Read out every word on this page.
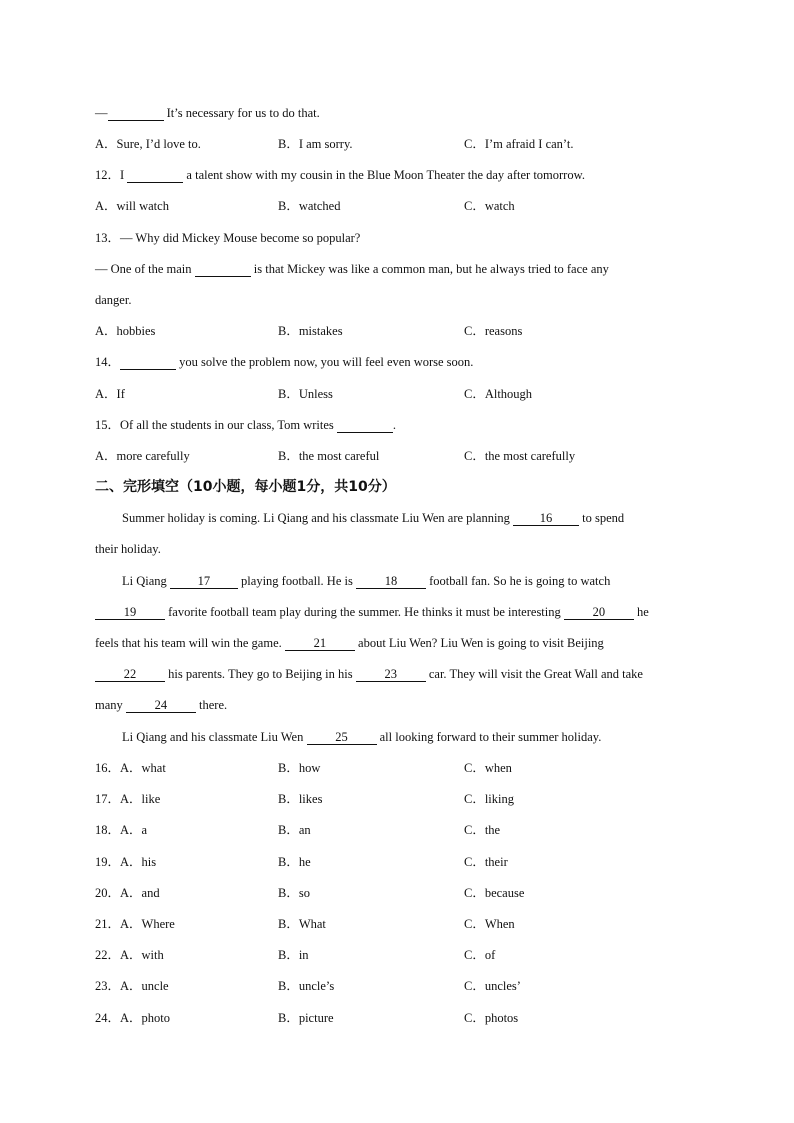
—	It’s necessary for us to do that.
A．Sure, I’d love to.	B．I am sorry.	C．I’m afraid I can’t.
12．I	a talent show with my cousin in the Blue Moon Theater the day after tomorrow.
A．will watch	B．watched	C．watch
13．— Why did Mickey Mouse become so popular?
— One of the main	is that Mickey was like a common man, but he always tried to face any
danger.
A．hobbies	B．mistakes	C．reasons
14．	you solve the problem now, you will feel even worse soon.
A．If	B．Unless	C．Although
15．Of all the students in our class, Tom writes	.
A．more carefully	B．the most careful	C．the most carefully
二、完形填空（10小题，每小题1分，共10分）
Summer holiday is coming. Li Qiang and his classmate Liu Wen are planning 16 to spend
their holiday.
Li Qiang 17 playing football. He is 18 football fan. So he is going to watch
19 favorite football team play during the summer. He thinks it must be interesting 20 he
feels that his team will win the game. 21 about Liu Wen? Liu Wen is going to visit Beijing
22 his parents. They go to Beijing in his 23 car. They will visit the Great Wall and take
many 24 there.
Li Qiang and his classmate Liu Wen 25 all looking forward to their summer holiday.
16．A．what	B．how	C．when
17．A．like	B．likes	C．liking
18．A．a	B．an	C．the
19．A．his	B．he	C．their
20．A．and	B．so	C．because
21．A．Where	B．What	C．When
22．A．with	B．in	C．of
23．A．uncle	B．uncle’s	C．uncles’
24．A．photo	B．picture	C．photos
